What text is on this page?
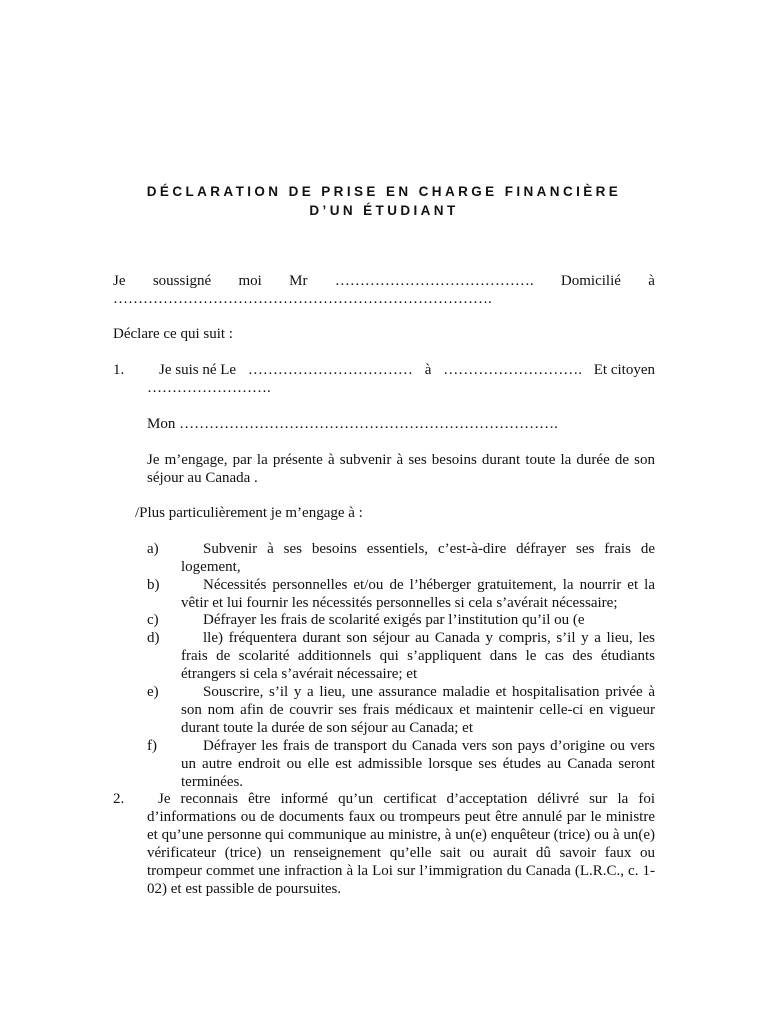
DÉCLARATION DE PRISE EN CHARGE FINANCIÈRE
D’UN ÉTUDIANT
Je soussigné moi Mr …………………………………. Domicilié à
………………………………………………………………….
Déclare ce qui suit :
1. Je suis né Le …………………………… à ………………………. Et citoyen
…………………….
Mon ………………………………………………………………….
Je m’engage, par la présente à subvenir à ses besoins durant toute la durée de son séjour au Canada .
/Plus particulièrement je m’engage à :
a)	Subvenir à ses besoins essentiels, c’est-à-dire défrayer ses frais de logement,
b)	Nécessités personnelles et/ou de l’héberger gratuitement, la nourrir et la vêtir et lui fournir les nécessités personnelles si cela s’avérait nécessaire;
c)	Défrayer les frais de scolarité exigés par l’institution qu’il ou (e
d)	lle) fréquentera durant son séjour au Canada y compris, s’il y a lieu, les frais de scolarité additionnels qui s’appliquent dans le cas des étudiants étrangers si cela s’avérait nécessaire; et
e)	Souscrire, s’il y a lieu, une assurance maladie et hospitalisation privée à son nom afin de couvrir ses frais médicaux et maintenir celle-ci en vigueur durant toute la durée de son séjour au Canada; et
f)	Défrayer les frais de transport du Canada vers son pays d’origine ou vers un autre endroit ou elle est admissible lorsque ses études au Canada seront terminées.
2.	Je reconnais être informé qu’un certificat d’acceptation délivré sur la foi d’informations ou de documents faux ou trompeurs peut être annulé par le ministre et qu’une personne qui communique au ministre, à un(e) enquêteur (trice) ou à un(e) vérificateur (trice) un renseignement qu’elle sait ou aurait dû savoir faux ou trompeur commet une infraction à la Loi sur l’immigration du Canada (L.R.C., c. 1-02) et est passible de poursuites.
